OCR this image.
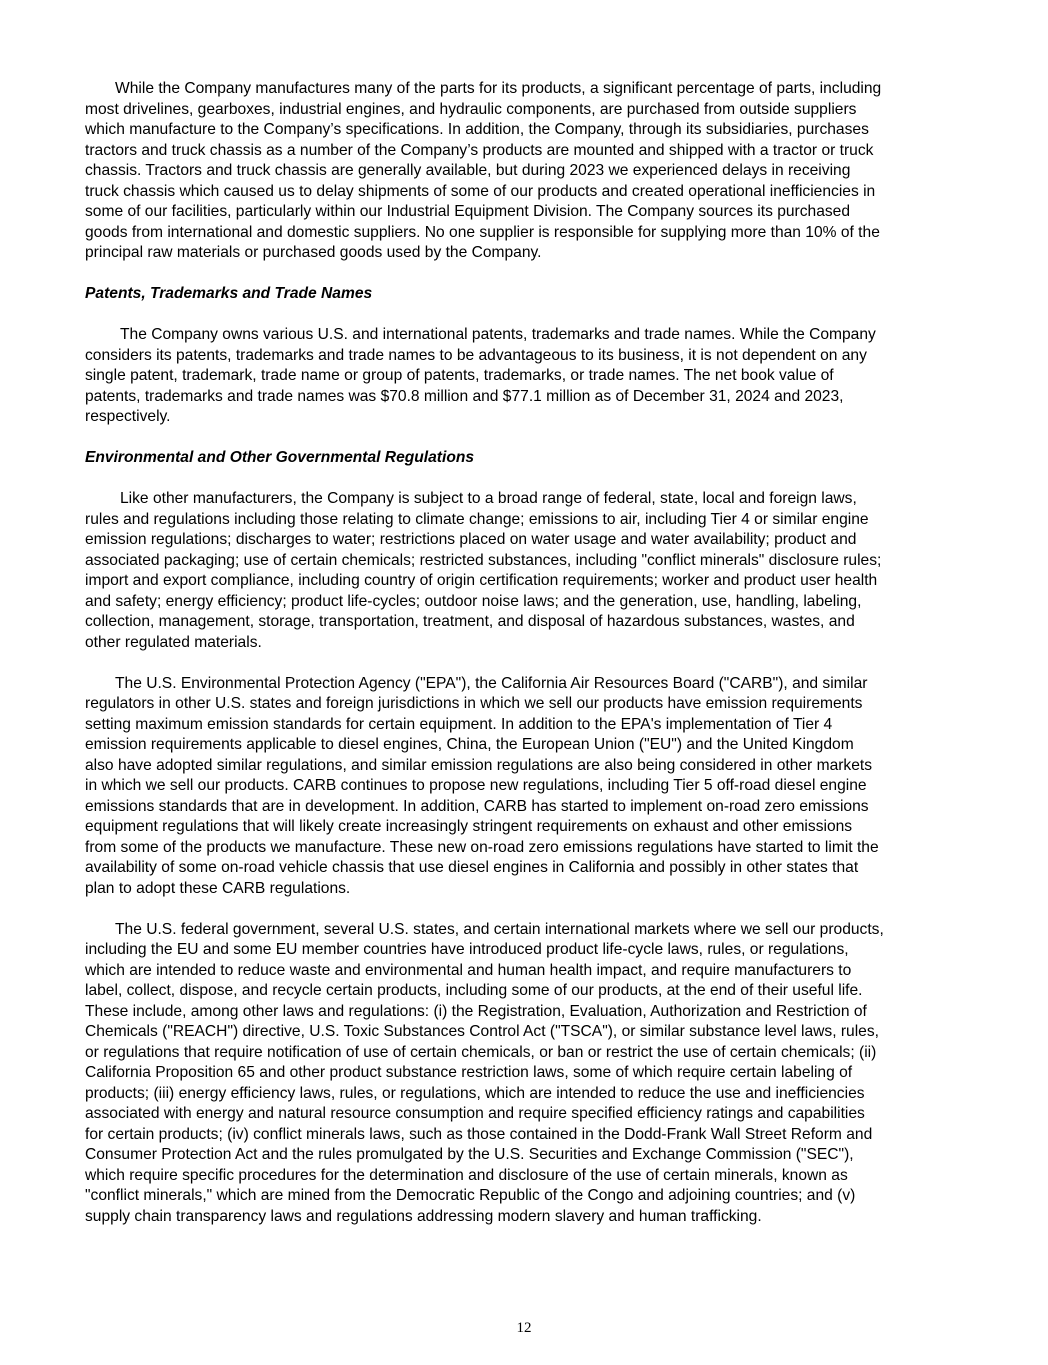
While the Company manufactures many of the parts for its products, a significant percentage of parts, including
most drivelines, gearboxes, industrial engines, and hydraulic components, are purchased from outside suppliers
which manufacture to the Company’s specifications. In addition, the Company, through its subsidiaries, purchases
tractors and truck chassis as a number of the Company’s products are mounted and shipped with a tractor or truck
chassis. Tractors and truck chassis are generally available, but during 2023 we experienced delays in receiving
truck chassis which caused us to delay shipments of some of our products and created operational inefficiencies in
some of our facilities, particularly within our Industrial Equipment Division. The Company sources its purchased
goods from international and domestic suppliers. No one supplier is responsible for supplying more than 10% of the
principal raw materials or purchased goods used by the Company.

Patents, Trademarks and Trade Names

The Company owns various U.S. and international patents, trademarks and trade names. While the Company
considers its patents, trademarks and trade names to be advantageous to its business, it is not dependent on any
single patent, trademark, trade name or group of patents, trademarks, or trade names. The net book value of
patents, trademarks and trade names was $70.8 million and $77.1 million as of December 31, 2024 and 2023,
respectively.

Environmental and Other Governmental Regulations

Like other manufacturers, the Company is subject to a broad range of federal, state, local and foreign laws,
rules and regulations including those relating to climate change; emissions to air, including Tier 4 or similar engine
emission regulations; discharges to water; restrictions placed on water usage and water availability; product and
associated packaging; use of certain chemicals; restricted substances, including "conflict minerals" disclosure rules;
import and export compliance, including country of origin certification requirements; worker and product user health
and safety; energy efficiency; product life-cycles; outdoor noise laws; and the generation, use, handling, labeling,
collection, management, storage, transportation, treatment, and disposal of hazardous substances, wastes, and
other regulated materials.

The U.S. Environmental Protection Agency ("EPA"), the California Air Resources Board ("CARB"), and similar
regulators in other U.S. states and foreign jurisdictions in which we sell our products have emission requirements
setting maximum emission standards for certain equipment. In addition to the EPA's implementation of Tier 4
emission requirements applicable to diesel engines, China, the European Union ("EU") and the United Kingdom
also have adopted similar regulations, and similar emission regulations are also being considered in other markets
in which we sell our products. CARB continues to propose new regulations, including Tier 5 off-road diesel engine
emissions standards that are in development. In addition, CARB has started to implement on-road zero emissions
equipment regulations that will likely create increasingly stringent requirements on exhaust and other emissions
from some of the products we manufacture. These new on-road zero emissions regulations have started to limit the
availability of some on-road vehicle chassis that use diesel engines in California and possibly in other states that
plan to adopt these CARB regulations.

The U.S. federal government, several U.S. states, and certain international markets where we sell our products,
including the EU and some EU member countries have introduced product life-cycle laws, rules, or regulations,
which are intended to reduce waste and environmental and human health impact, and require manufacturers to
label, collect, dispose, and recycle certain products, including some of our products, at the end of their useful life.
These include, among other laws and regulations: (i) the Registration, Evaluation, Authorization and Restriction of
Chemicals ("REACH") directive, U.S. Toxic Substances Control Act ("TSCA"), or similar substance level laws, rules,
or regulations that require notification of use of certain chemicals, or ban or restrict the use of certain chemicals; (ii)
California Proposition 65 and other product substance restriction laws, some of which require certain labeling of
products; (iii) energy efficiency laws, rules, or regulations, which are intended to reduce the use and inefficiencies
associated with energy and natural resource consumption and require specified efficiency ratings and capabilities
for certain products; (iv) conflict minerals laws, such as those contained in the Dodd-Frank Wall Street Reform and
Consumer Protection Act and the rules promulgated by the U.S. Securities and Exchange Commission ("SEC"),
which require specific procedures for the determination and disclosure of the use of certain minerals, known as
"conflict minerals," which are mined from the Democratic Republic of the Congo and adjoining countries; and (v)
supply chain transparency laws and regulations addressing modern slavery and human trafficking.

12
